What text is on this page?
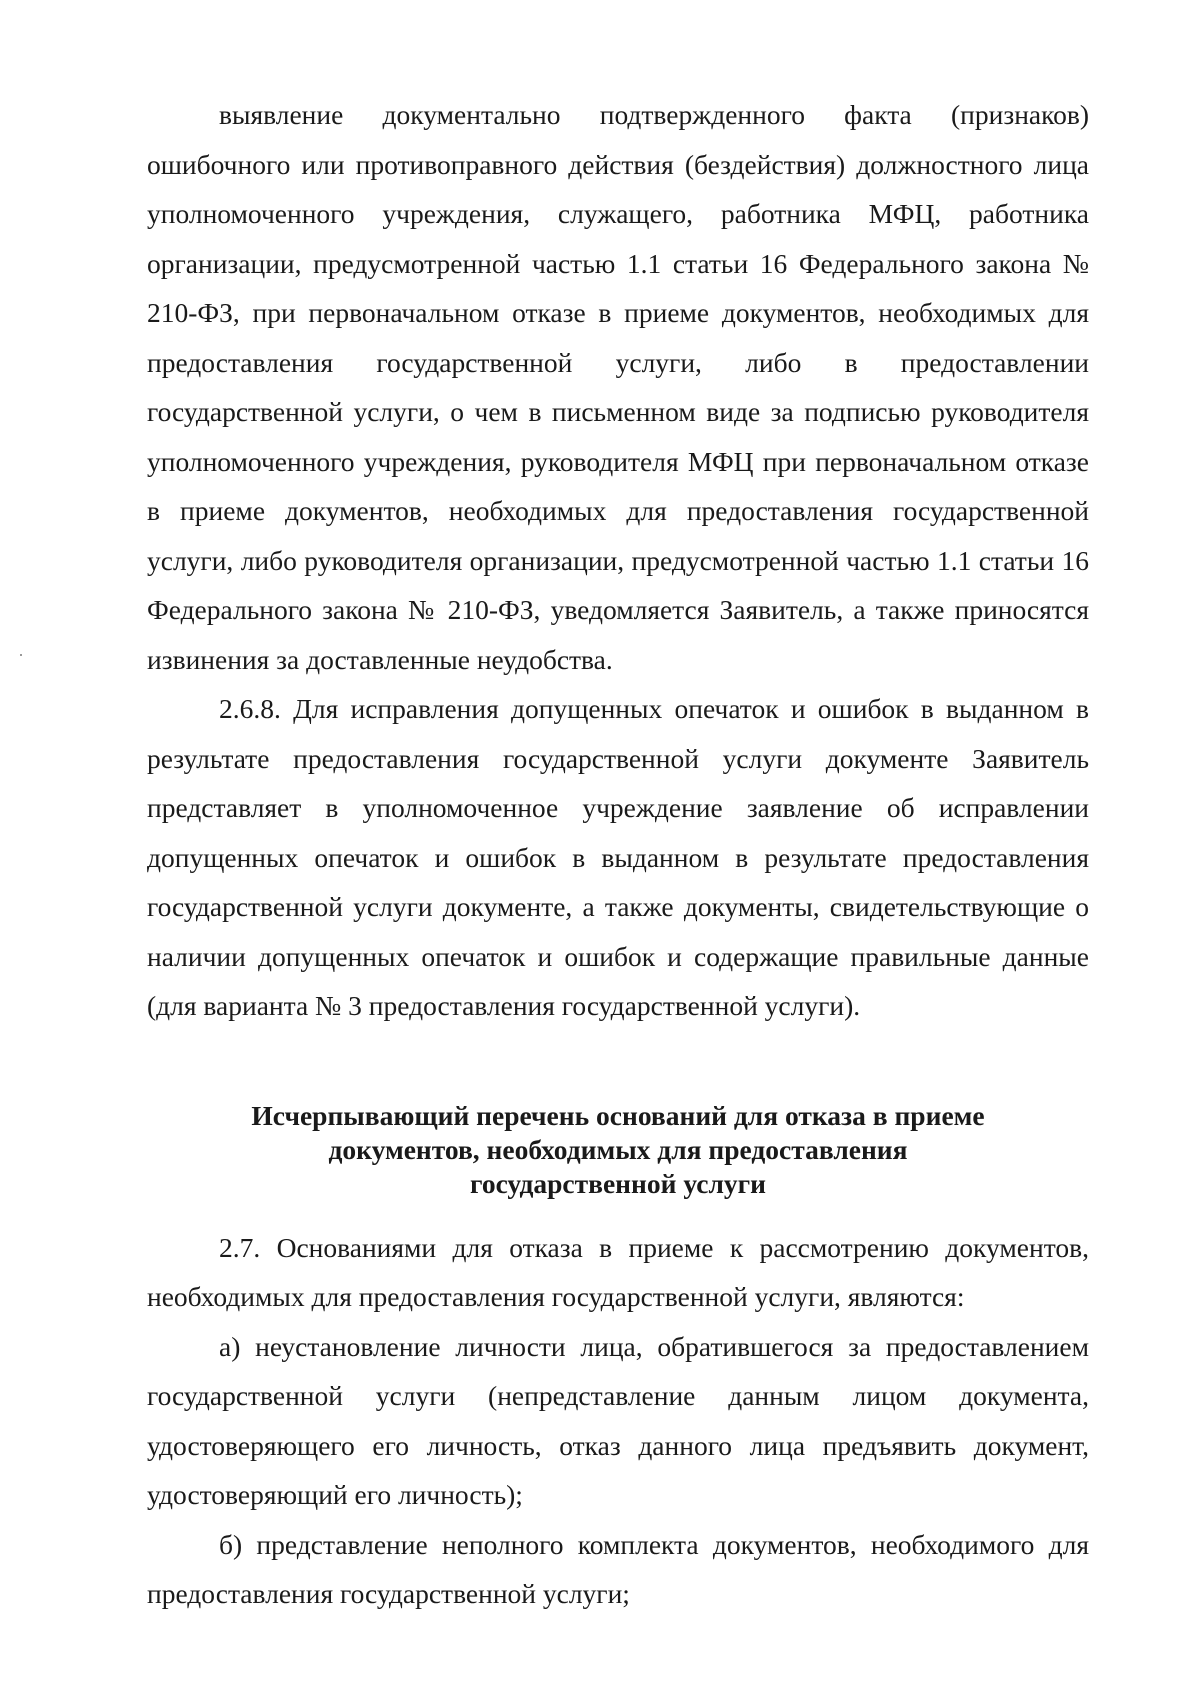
выявление документально подтвержденного факта (признаков) ошибочного или противоправного действия (бездействия) должностного лица уполномоченного учреждения, служащего, работника МФЦ, работника организации, предусмотренной частью 1.1 статьи 16 Федерального закона № 210-ФЗ, при первоначальном отказе в приеме документов, необходимых для предоставления государственной услуги, либо в предоставлении государственной услуги, о чем в письменном виде за подписью руководителя уполномоченного учреждения, руководителя МФЦ при первоначальном отказе в приеме документов, необходимых для предоставления государственной услуги, либо руководителя организации, предусмотренной частью 1.1 статьи 16 Федерального закона № 210-ФЗ, уведомляется Заявитель, а также приносятся извинения за доставленные неудобства.

2.6.8. Для исправления допущенных опечаток и ошибок в выданном в результате предоставления государственной услуги документе Заявитель представляет в уполномоченное учреждение заявление об исправлении допущенных опечаток и ошибок в выданном в результате предоставления государственной услуги документе, а также документы, свидетельствующие о наличии допущенных опечаток и ошибок и содержащие правильные данные (для варианта № 3 предоставления государственной услуги).

Исчерпывающий перечень оснований для отказа в приеме
документов, необходимых для предоставления
государственной услуги

2.7. Основаниями для отказа в приеме к рассмотрению документов, необходимых для предоставления государственной услуги, являются:

а) неустановление личности лица, обратившегося за предоставлением государственной услуги (непредставление данным лицом документа, удостоверяющего его личность, отказ данного лица предъявить документ, удостоверяющий его личность);

б) представление неполного комплекта документов, необходимого для предоставления государственной услуги;
